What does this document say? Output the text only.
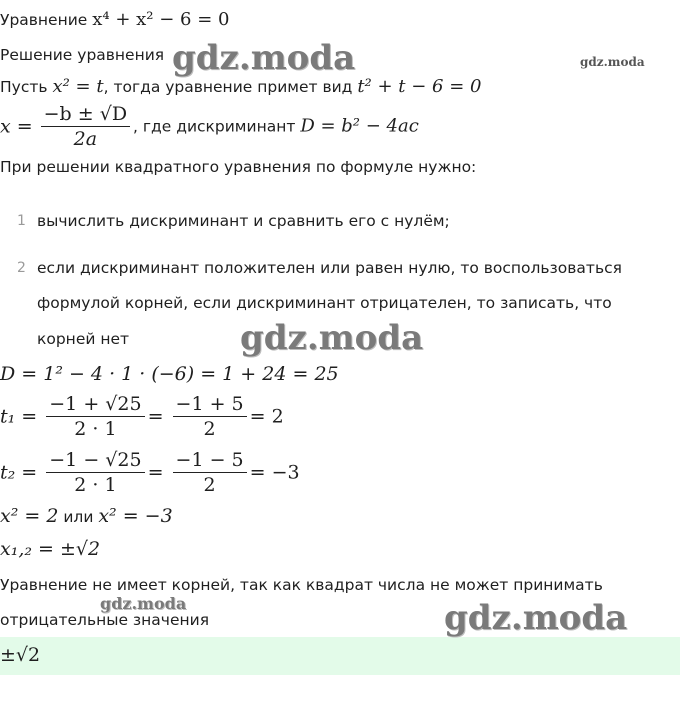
Уравнение x⁴ + x² − 6 = 0
Решение уравнения
Пусть x² = t, тогда уравнение примет вид t² + t − 6 = 0
$x = \frac{-b \pm √D}{2a}$ , где дискриминант D = b² − 4ac
При решении квадратного уравнения по формуле нужно:
1 вычислить дискриминант и сравнить его с нулём;
2 если дискриминант положителен или равен нулю, то воспользоваться
формулой корней, если дискриминант отрицателен, то записать, что
корней нет
D = 1² − 4 · 1 · (−6) = 1 + 24 = 25
$t_1 = \frac{-1 + √25}{2 \cdot 1} = \frac{-1 + 5}{2} = 2$
$t_2 = \frac{-1 - √25}{2 \cdot 1} = \frac{-1 - 5}{2} = -3$
x² = 2 или x² = −3
x₁,₂ = ±√2
Уравнение не имеет корней, так как квадрат числа не может принимать
отрицательные значения
±√2
gdz.moda	gdz.moda
gdz.moda
gdz.moda	gdz.moda
